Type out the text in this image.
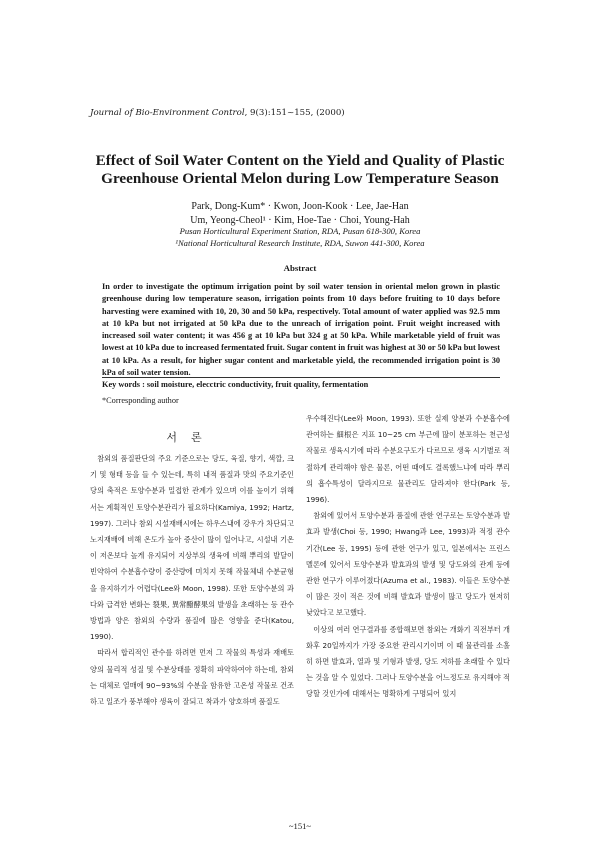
Journal of Bio-Environment Control, 9(3):151~155, (2000)
Effect of Soil Water Content on the Yield and Quality of Plastic
Greenhouse Oriental Melon during Low Temperature Season
Park, Dong-Kum* · Kwon, Joon-Kook · Lee, Jae-Han
Um, Yeong-Cheol¹ · Kim, Hoe-Tae · Choi, Young-Hah
Pusan Horticultural Experiment Station, RDA, Pusan 618-300, Korea
¹National Horticultural Research Institute, RDA, Suwon 441-300, Korea
Abstract
In order to investigate the optimum irrigation point by soil water tension in oriental melon grown in plastic greenhouse during low temperature season, irrigation points from 10 days before fruiting to 10 days before harvesting were examined with 10, 20, 30 and 50 kPa, respectively. Total amount of water applied was 92.5 mm at 10 kPa but not irrigated at 50 kPa due to the unreach of irrigation point. Fruit weight increased with increased soil water content; it was 456 g at 10 kPa but 324 g at 50 kPa. While marketable yield of fruit was lowest at 10 kPa due to increased fermentated fruit. Sugar content in fruit was highest at 30 or 50 kPa but lowest at 10 kPa. As a result, for higher sugar content and marketable yield, the recommended irrigation point is 30 kPa of soil water tension.
Key words : soil moisture, elecctric conductivity, fruit quality, fermentation
*Corresponding author
서론

참외의 품질판단의 주요 기준으로는 당도, 육질, 향기, 색깔, 크기 및 형태 등을 들 수 있는데, 특히 내적 품질과 맛의 주요기준인 당의 축적은 토양수분과 밀접한 관계가 있으며 이를 높이기 위해서는 계획적인 토양수분관리가 필요하다(Kamiya, 1992; Hartz, 1997). 그러나 참외 시설재배시에는 하우스내에 강우가 차단되고 노지재배에 비해 온도가 높아 증산이 많이 일어나고, 시설내 기온이 저온보다 높게 유지되어 지상부의 생육에 비해 뿌리의 발달이 빈약하여 수분흡수량이 증산량에 미치지 못해 작물체내 수분균형을 유지하기가 어렵다(Lee와 Moon, 1998). 또한 토양수분의 과다와 급격한 변화는 裂果, 異常醱酵果의 발생을 초래하는 등 관수방법과 양은 참외의 수량과 품질에 많은 영향을 준다(Katou, 1990).

따라서 합리적인 관수를 하려면 먼저 그 작물의 특성과 재배토양의 물리적 성질 및 수분상태를 정확히 파악하여야 하는데, 참외는 대체로 열매에 90~93%의 수분을 함유한 고온성 작물로 건조하고 일조가 풍부해야 생육이 잘되고 착과가 양호하며 품질도

우수해진다(Lee와 Moon, 1993). 또한 실제 양분과 수분흡수에 관여하는 細根은 지표 10~25 cm 부근에 많이 분포하는 천근성 작물로 생육시기에 따라 수분요구도가 다르므로 생육 시기별로 적절하게 관리해야 함은 물론, 어떤 때에도 결록했느냐에 따라 뿌리의 흡수특성이 달라지므로 물관리도 달라져야 한다(Park 등, 1996).

참외에 있어서 토양수분과 품질에 관한 연구로는 토양수분과 발효과 발생(Choi 등, 1990; Hwang과 Lee, 1993)과 적정 관수기간(Lee 등, 1995) 등에 관한 연구가 있고, 일본에서는 프린스멜론에 있어서 토양수분과 발효과의 발생 및 당도와의 관계 등에 관한 연구가 이루어졌다(Azuma et al., 1983). 이들은 토양수분이 많은 것이 적은 것에 비해 발효과 발생이 많고 당도가 현저히 낮았다고 보고했다.

이상의 여러 연구결과를 종합해보면 참외는 개화기 직전부터 개화후 20일까지가 가장 중요한 관리시기이며 이 때 물관리를 소홀히 하면 발효과, 열과 및 기형과 발생, 당도 저하를 초래할 수 있다는 것을 알 수 있었다. 그러나 토양수분을 어느정도로 유지해야 적당할 것인가에 대해서는 명확하게 구명되어 있지

~151~
